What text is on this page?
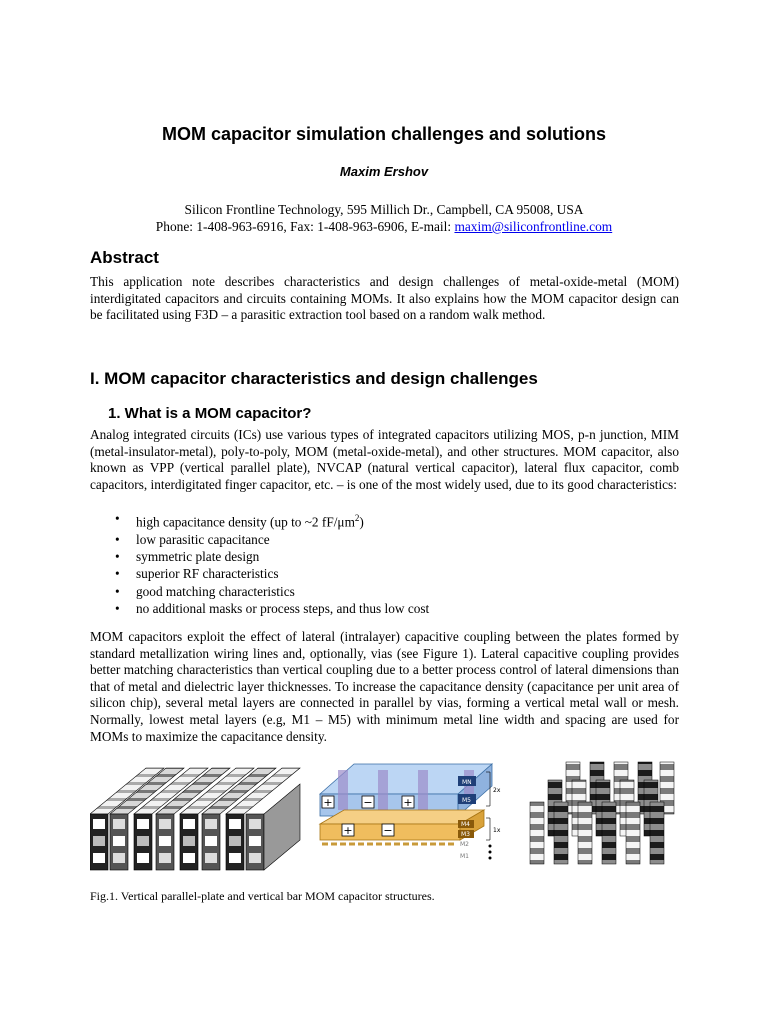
MOM capacitor simulation challenges and solutions
Maxim Ershov
Silicon Frontline Technology, 595 Millich Dr., Campbell, CA 95008, USA
Phone: 1-408-963-6916, Fax: 1-408-963-6906, E-mail: maxim@siliconfrontline.com
Abstract

This application note describes characteristics and design challenges of metal-oxide-metal (MOM) interdigitated capacitors and circuits containing MOMs. It also explains how the MOM capacitor design can be facilitated using F3D – a parasitic extraction tool based on a random walk method.

I. MOM capacitor characteristics and design challenges
1. What is a MOM capacitor?

Analog integrated circuits (ICs) use various types of integrated capacitors utilizing MOS, p-n junction, MIM (metal-insulator-metal), poly-to-poly, MOM (metal-oxide-metal), and other structures. MOM capacitor, also known as VPP (vertical parallel plate), NVCAP (natural vertical capacitor), lateral flux capacitor, comb capacitors, interdigitated finger capacitor, etc. – is one of the most widely used, due to its good characteristics:

• high capacitance density (up to ~2 $fF/\mu m^2$)
• low parasitic capacitance
• symmetric plate design
• superior RF characteristics
• good matching characteristics
• no additional masks or process steps, and thus low cost

MOM capacitors exploit the effect of lateral (intralayer) capacitive coupling between the plates formed by standard metallization wiring lines and, optionally, vias (see Figure 1). Lateral capacitive coupling provides better matching characteristics than vertical coupling due to a better process control of lateral dimensions than that of metal and dielectric layer thicknesses. To increase the capacitance density (capacitance per unit area of silicon chip), several metal layers are connected in parallel by vias, forming a vertical metal wall or mesh. Normally, lowest metal layers (e.g, M1 – M5) with minimum metal line width and spacing are used for MOMs to maximize the capacitance density.

+	−	+
+	−
MN
M5
M4
M3
M2
M1
2x
1x
Fig.1. Vertical parallel-plate and vertical bar MOM capacitor structures.
